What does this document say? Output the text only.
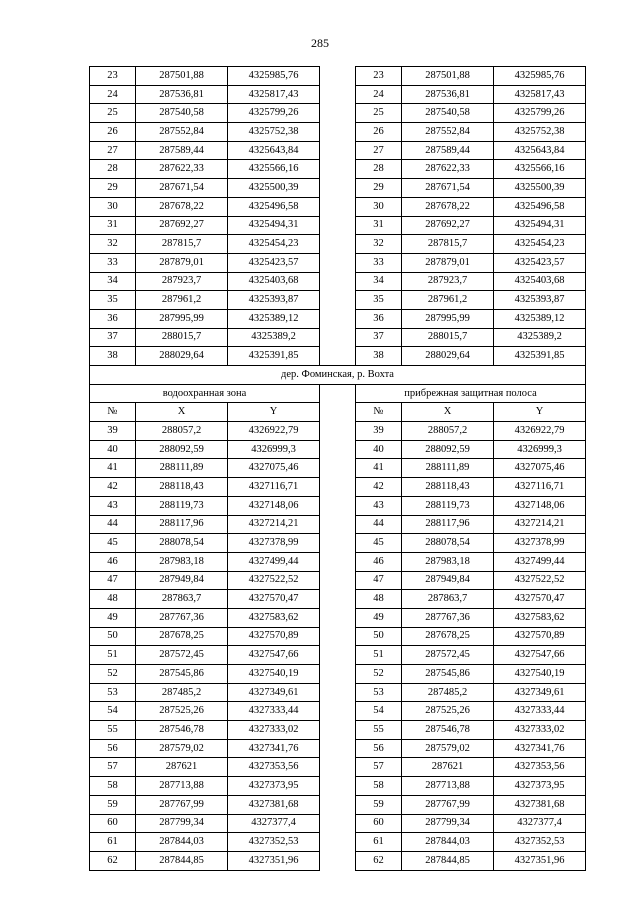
285
23	287501,88	4325985,76		23	287501,88	4325985,76
24	287536,81	4325817,43		24	287536,81	4325817,43
25	287540,58	4325799,26		25	287540,58	4325799,26
26	287552,84	4325752,38		26	287552,84	4325752,38
27	287589,44	4325643,84		27	287589,44	4325643,84
28	287622,33	4325566,16		28	287622,33	4325566,16
29	287671,54	4325500,39		29	287671,54	4325500,39
30	287678,22	4325496,58		30	287678,22	4325496,58
31	287692,27	4325494,31		31	287692,27	4325494,31
32	287815,7	4325454,23		32	287815,7	4325454,23
33	287879,01	4325423,57		33	287879,01	4325423,57
34	287923,7	4325403,68		34	287923,7	4325403,68
35	287961,2	4325393,87		35	287961,2	4325393,87
36	287995,99	4325389,12		36	287995,99	4325389,12
37	288015,7	4325389,2		37	288015,7	4325389,2
38	288029,64	4325391,85		38	288029,64	4325391,85
дер. Фоминская, р. Вохта						
водоохранная зона				прибрежная защитная полоса		
№	X	Y		№	X	Y
39	288057,2	4326922,79		39	288057,2	4326922,79
40	288092,59	4326999,3		40	288092,59	4326999,3
41	288111,89	4327075,46		41	288111,89	4327075,46
42	288118,43	4327116,71		42	288118,43	4327116,71
43	288119,73	4327148,06		43	288119,73	4327148,06
44	288117,96	4327214,21		44	288117,96	4327214,21
45	288078,54	4327378,99		45	288078,54	4327378,99
46	287983,18	4327499,44		46	287983,18	4327499,44
47	287949,84	4327522,52		47	287949,84	4327522,52
48	287863,7	4327570,47		48	287863,7	4327570,47
49	287767,36	4327583,62		49	287767,36	4327583,62
50	287678,25	4327570,89		50	287678,25	4327570,89
51	287572,45	4327547,66		51	287572,45	4327547,66
52	287545,86	4327540,19		52	287545,86	4327540,19
53	287485,2	4327349,61		53	287485,2	4327349,61
54	287525,26	4327333,44		54	287525,26	4327333,44
55	287546,78	4327333,02		55	287546,78	4327333,02
56	287579,02	4327341,76		56	287579,02	4327341,76
57	287621	4327353,56		57	287621	4327353,56
58	287713,88	4327373,95		58	287713,88	4327373,95
59	287767,99	4327381,68		59	287767,99	4327381,68
60	287799,34	4327377,4		60	287799,34	4327377,4
61	287844,03	4327352,53		61	287844,03	4327352,53
62	287844,85	4327351,96		62	287844,85	4327351,96
